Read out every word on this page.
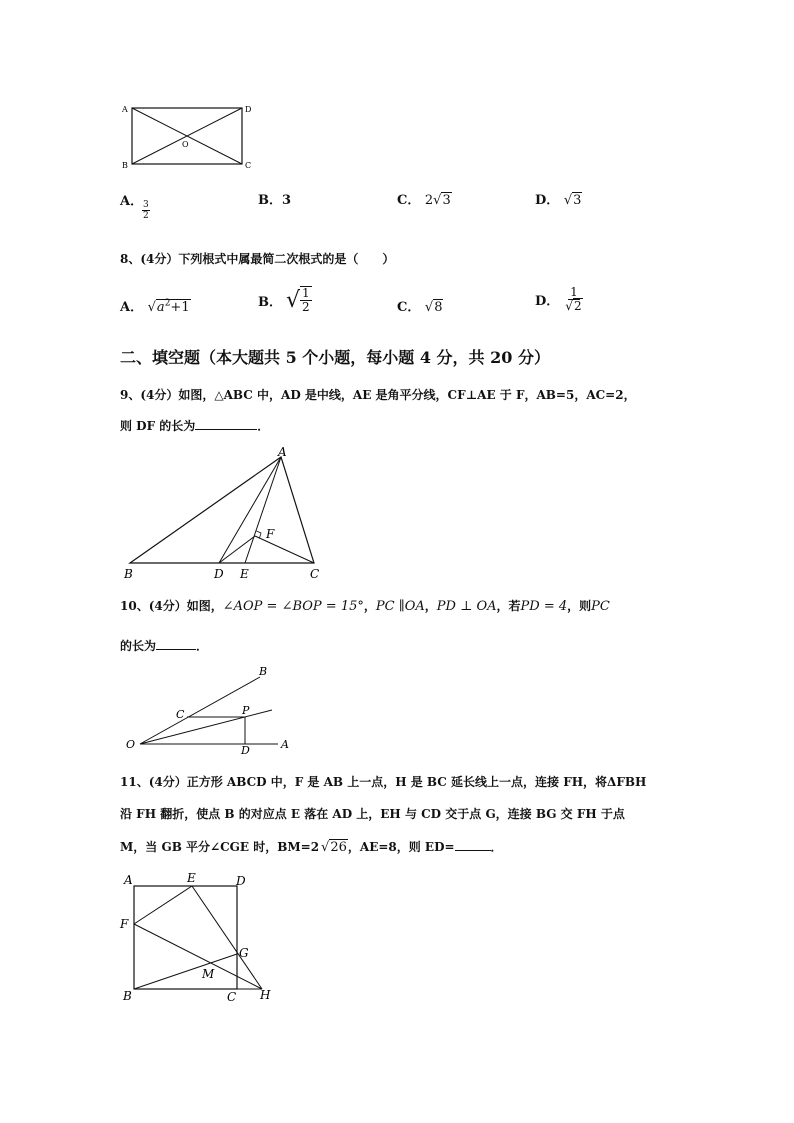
A
B
D
C
O
A．
$\frac{3}{2}$	B．3	C． 2√3	D． √3
8、(4分）下列根式中属最简二次根式的是（　　）
A． $√a^2+1$	B． √ $\frac{1}{2}$	C． √8	D． $\frac{1}{√2}$
二、填空题（本大题共 5 个小题，每小题 4 分，共 20 分）
9、(4分）如图，△ABC 中，AD 是中线，AE 是角平分线，CF⊥AE 于 F，AB=5，AC=2，
则 DF 的长为	．
A
B	D E	C
F
10、(4分）如图，∠AOP = ∠BOP = 15°，PC ∥OA，PD ⊥ OA，若PD = 4，则PC
的长为	．
O	A
B
C	P
D
11、(4分）正方形 ABCD 中，F 是 AB 上一点，H 是 BC 延长线上一点，连接 FH，将ΔFBH
沿 FH 翻折，使点 B 的对应点 E 落在 AD 上，EH 与 CD 交于点 G，连接 BG 交 FH 于点
M，当 GB 平分∠CGE 时，BM=2 √26，AE=8，则 ED=	．
A	E	D
F
G
M
B	C H
